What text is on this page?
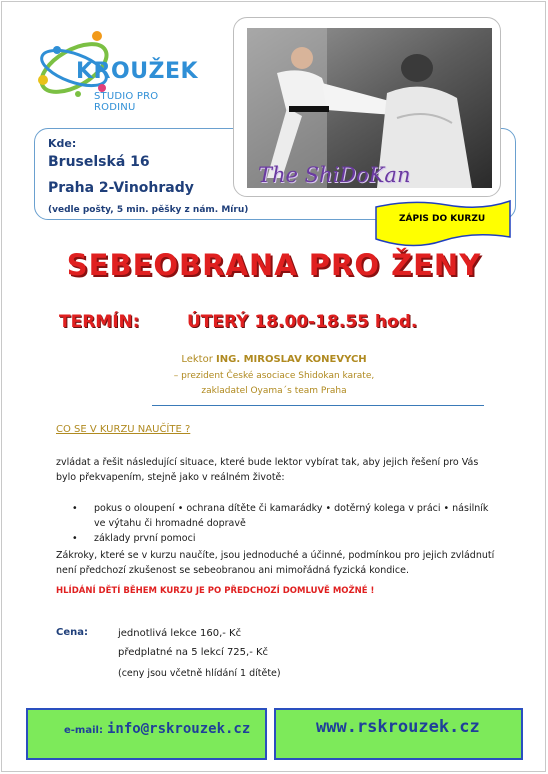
KROUŽEK
STUDIO PRO RODINU
Kde:
Bruselská 16
Praha 2-Vinohrady
(vedle pošty, 5 min. pěšky z nám. Míru)
The ShiDoKan
ZÁPIS DO KURZU
SEBEOBRANA PRO ŽENY
TERMÍN:	ÚTERÝ 18.00-18.55 hod.
Lektor ING. MIROSLAV KONEVYCH
– prezident České asociace Shidokan karate,
zakladatel Oyama´s team Praha
CO SE V KURZU NAUČÍTE ?
zvládat a řešit následující situace, které bude lektor vybírat tak, aby jejich řešení pro Vás bylo překvapením, stejně jako v reálném životě:
• pokus o oloupení • ochrana dítěte či kamarádky • dotěrný kolega v práci • násilník ve výtahu či hromadné dopravě
• základy první pomoci
Zákroky, které se v kurzu naučíte, jsou jednoduché a účinné, podmínkou pro jejich zvládnutí není předchozí zkušenost se sebeobranou ani mimořádná fyzická kondice.
HLÍDÁNÍ DĚTÍ BĚHEM KURZU JE PO PŘEDCHOZÍ DOMLUVĚ MOŽNÉ !
Cena:	jednotlivá lekce 160,- Kč
předplatné na 5 lekcí 725,- Kč
(ceny jsou včetně hlídání 1 dítěte)
e-mail: info@rskrouzek.cz	www.rskrouzek.cz
